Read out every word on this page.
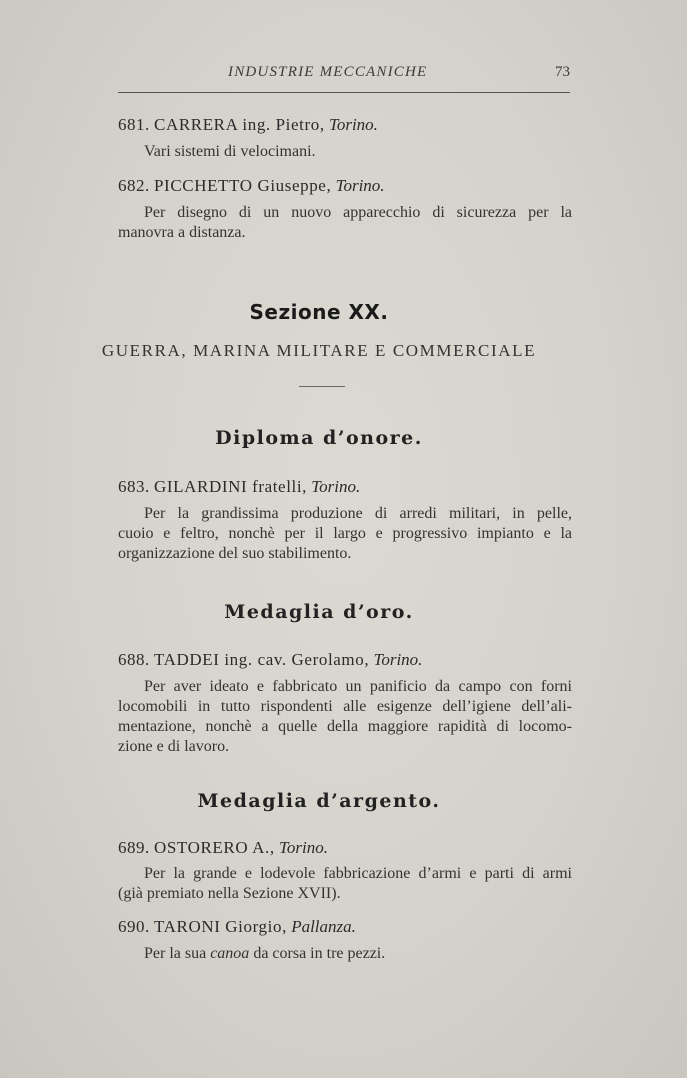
INDUSTRIE MECCANICHE	73
681. CARRERA ing. Pietro, Torino.
Vari sistemi di velocimani.
682. PICCHETTO Giuseppe, Torino.
Per disegno di un nuovo apparecchio di sicurezza per la
manovra a distanza.
Sezione XX.
GUERRA, MARINA MILITARE E COMMERCIALE
Diploma d’onore.
683. GILARDINI fratelli, Torino.
Per la grandissima produzione di arredi militari, in pelle,
cuoio e feltro, nonchè per il largo e progressivo impianto e la
organizzazione del suo stabilimento.
Medaglia d’oro.
688. TADDEI ing. cav. Gerolamo, Torino.
Per aver ideato e fabbricato un panificio da campo con forni
locomobili in tutto rispondenti alle esigenze dell’igiene dell’ali-
mentazione, nonchè a quelle della maggiore rapidità di locomo-
zione e di lavoro.
Medaglia d’argento.
689. OSTORERO A., Torino.
Per la grande e lodevole fabbricazione d’armi e parti di armi
(già premiato nella Sezione XVII).
690. TARONI Giorgio, Pallanza.
Per la sua canoa da corsa in tre pezzi.
